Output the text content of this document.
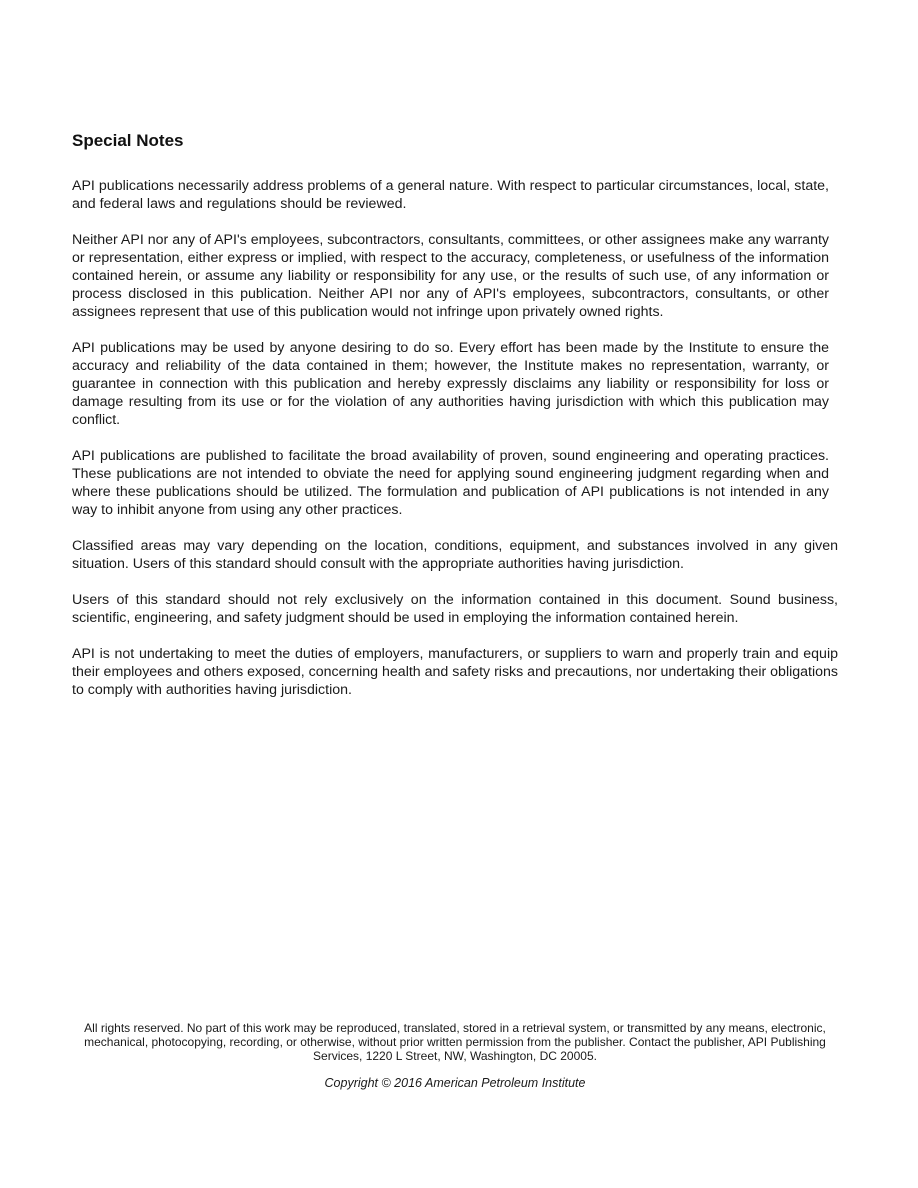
Special Notes

API publications necessarily address problems of a general nature. With respect to particular circumstances, local, state, and federal laws and regulations should be reviewed.

Neither API nor any of API's employees, subcontractors, consultants, committees, or other assignees make any warranty or representation, either express or implied, with respect to the accuracy, completeness, or usefulness of the information contained herein, or assume any liability or responsibility for any use, or the results of such use, of any information or process disclosed in this publication. Neither API nor any of API's employees, subcontractors, consultants, or other assignees represent that use of this publication would not infringe upon privately owned rights.

API publications may be used by anyone desiring to do so. Every effort has been made by the Institute to ensure the accuracy and reliability of the data contained in them; however, the Institute makes no representation, warranty, or guarantee in connection with this publication and hereby expressly disclaims any liability or responsibility for loss or damage resulting from its use or for the violation of any authorities having jurisdiction with which this publication may conflict.

API publications are published to facilitate the broad availability of proven, sound engineering and operating practices. These publications are not intended to obviate the need for applying sound engineering judgment regarding when and where these publications should be utilized. The formulation and publication of API publications is not intended in any way to inhibit anyone from using any other practices.

Classified areas may vary depending on the location, conditions, equipment, and substances involved in any given situation. Users of this standard should consult with the appropriate authorities having jurisdiction.

Users of this standard should not rely exclusively on the information contained in this document. Sound business, scientific, engineering, and safety judgment should be used in employing the information contained herein.

API is not undertaking to meet the duties of employers, manufacturers, or suppliers to warn and properly train and equip their employees and others exposed, concerning health and safety risks and precautions, nor undertaking their obligations to comply with authorities having jurisdiction.

All rights reserved. No part of this work may be reproduced, translated, stored in a retrieval system, or transmitted by any means, electronic, mechanical, photocopying, recording, or otherwise, without prior written permission from the publisher. Contact the publisher, API Publishing Services, 1220 L Street, NW, Washington, DC 20005.

Copyright © 2016 American Petroleum Institute
